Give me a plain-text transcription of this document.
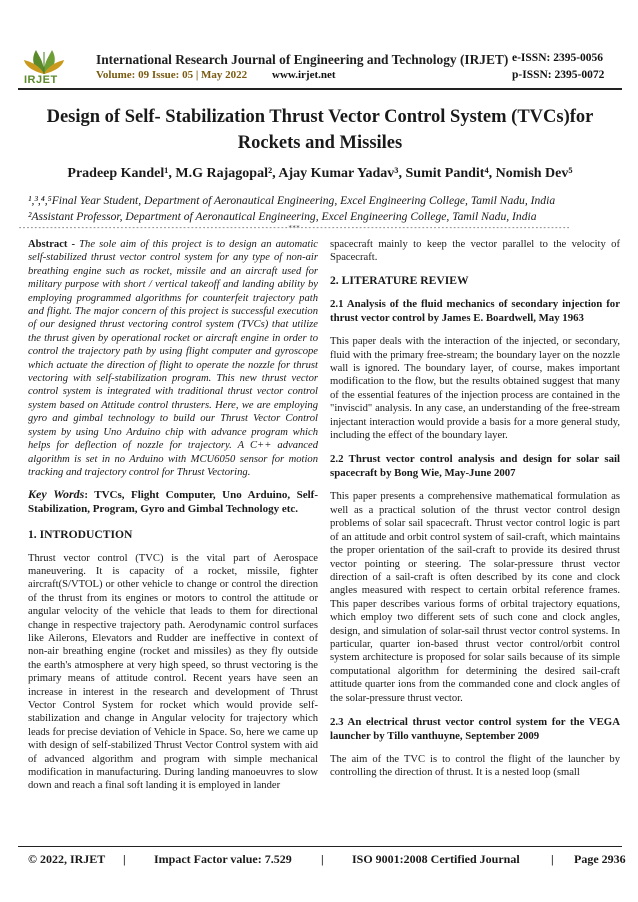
IRJET
International Research Journal of Engineering and Technology (IRJET) e-ISSN: 2395-0056
Volume: 09 Issue: 05 | May 2022 www.irjet.net	p-ISSN: 2395-0072
Design of Self- Stabilization Thrust Vector Control System (TVCs)for Rockets and Missiles
Pradeep Kandel¹, M.G Rajagopal², Ajay Kumar Yadav³, Sumit Pandit⁴, Nomish Dev⁵
¹,³,⁴,⁵Final Year Student, Department of Aeronautical Engineering, Excel Engineering College, Tamil Nadu, India
²Assistant Professor, Department of Aeronautical Engineering, Excel Engineering College, Tamil Nadu, India
---------------------------------------------------------------------***---------------------------------------------------------------------

Abstract - The sole aim of this project is to design an automatic self-stabilized thrust vector control system for any type of non-air breathing engine such as rocket, missile and an aircraft used for military purpose with short / vertical takeoff and landing ability by employing programmed algorithms for counterfeit trajectory path and flight. The major concern of this project is successful execution of our designed thrust vectoring control system (TVCs) that utilize the thrust given by operational rocket or aircraft engine in order to control the trajectory path by using flight computer and gyroscope which actuate the direction of flight to operate the nozzle for thrust vectoring with self-stabilization program. This new thrust vector control system is integrated with traditional thrust vector control system based on Attitude control thrusters. Here, we are employing gyro and gimbal technology to build our Thrust Vector Control system by using Uno Arduino chip with advance program which helps for deflection of nozzle for trajectory. A C++ advanced algorithm is set in no Arduino with MCU6050 sensor for motion tracking and trajectory control for Thrust Vectoring.

Key Words: TVCs, Flight Computer, Uno Arduino, Self-Stabilization, Program, Gyro and Gimbal Technology etc.
1. INTRODUCTION

Thrust vector control (TVC) is the vital part of Aerospace maneuvering. It is capacity of a rocket, missile, fighter aircraft(S/VTOL) or other vehicle to change or control the direction of the thrust from its engines or motors to control the attitude or angular velocity of the vehicle that leads to them for directional change in respective trajectory path. Aerodynamic control surfaces like Ailerons, Elevators and Rudder are ineffective in context of non-air breathing engine (rocket and missiles) as they fly outside the earth's atmosphere at very high speed, so thrust vectoring is the primary means of attitude control. Recent years have seen an increase in interest in the research and development of Thrust Vector Control System for rocket which would provide self-stabilization and change in Angular velocity for trajectory which leads for precise deviation of Vehicle in Space. So, here we came up with design of self-stabilized Thrust Vector Control system with aid of advanced algorithm and program with simple mechanical modification in manufacturing. During landing manoeuvres to slow down and reach a final soft landing it is employed in lander

spacecraft mainly to keep the vector parallel to the velocity of Spacecraft.

2. LITERATURE REVIEW
2.1 Analysis of the fluid mechanics of secondary injection for thrust vector control by James E. Boardwell, May 1963

This paper deals with the interaction of the injected, or secondary, fluid with the primary free-stream; the boundary layer on the nozzle wall is ignored. The boundary layer, of course, makes important modification to the flow, but the results obtained suggest that many of the essential features of the injection process are contained in the "inviscid" analysis. In any case, an understanding of the free-stream injectant interaction would provide a basis for a more general study, including the effect of the boundary layer.

2.2 Thrust vector control analysis and design for solar sail spacecraft by Bong Wie, May-June 2007

This paper presents a comprehensive mathematical formulation as well as a practical solution of the thrust vector control design problems of solar sail spacecraft. Thrust vector control logic is part of an attitude and orbit control system of sail-craft, which maintains the proper orientation of the sail-craft to provide its desired thrust vector pointing or steering. The solar-pressure thrust vector direction of a sail-craft is often described by its cone and clock angles measured with respect to certain orbital reference frames. This paper describes various forms of orbital trajectory equations, which employ two different sets of such cone and clock angles, design, and simulation of solar-sail thrust vector control systems. In particular, quarter ion-based thrust vector control/orbit control system architecture is proposed for solar sails because of its simple computational algorithm for determining the desired sail-craft attitude quarter ions from the commanded cone and clock angles of the solar-pressure thrust vector.

2.3 An electrical thrust vector control system for the VEGA launcher by Tillo vanthuyne, September 2009

The aim of the TVC is to control the flight of the launcher by controlling the direction of thrust. It is a nested loop (small

© 2022, IRJET | Impact Factor value: 7.529 | ISO 9001:2008 Certified Journal	| Page 2936
